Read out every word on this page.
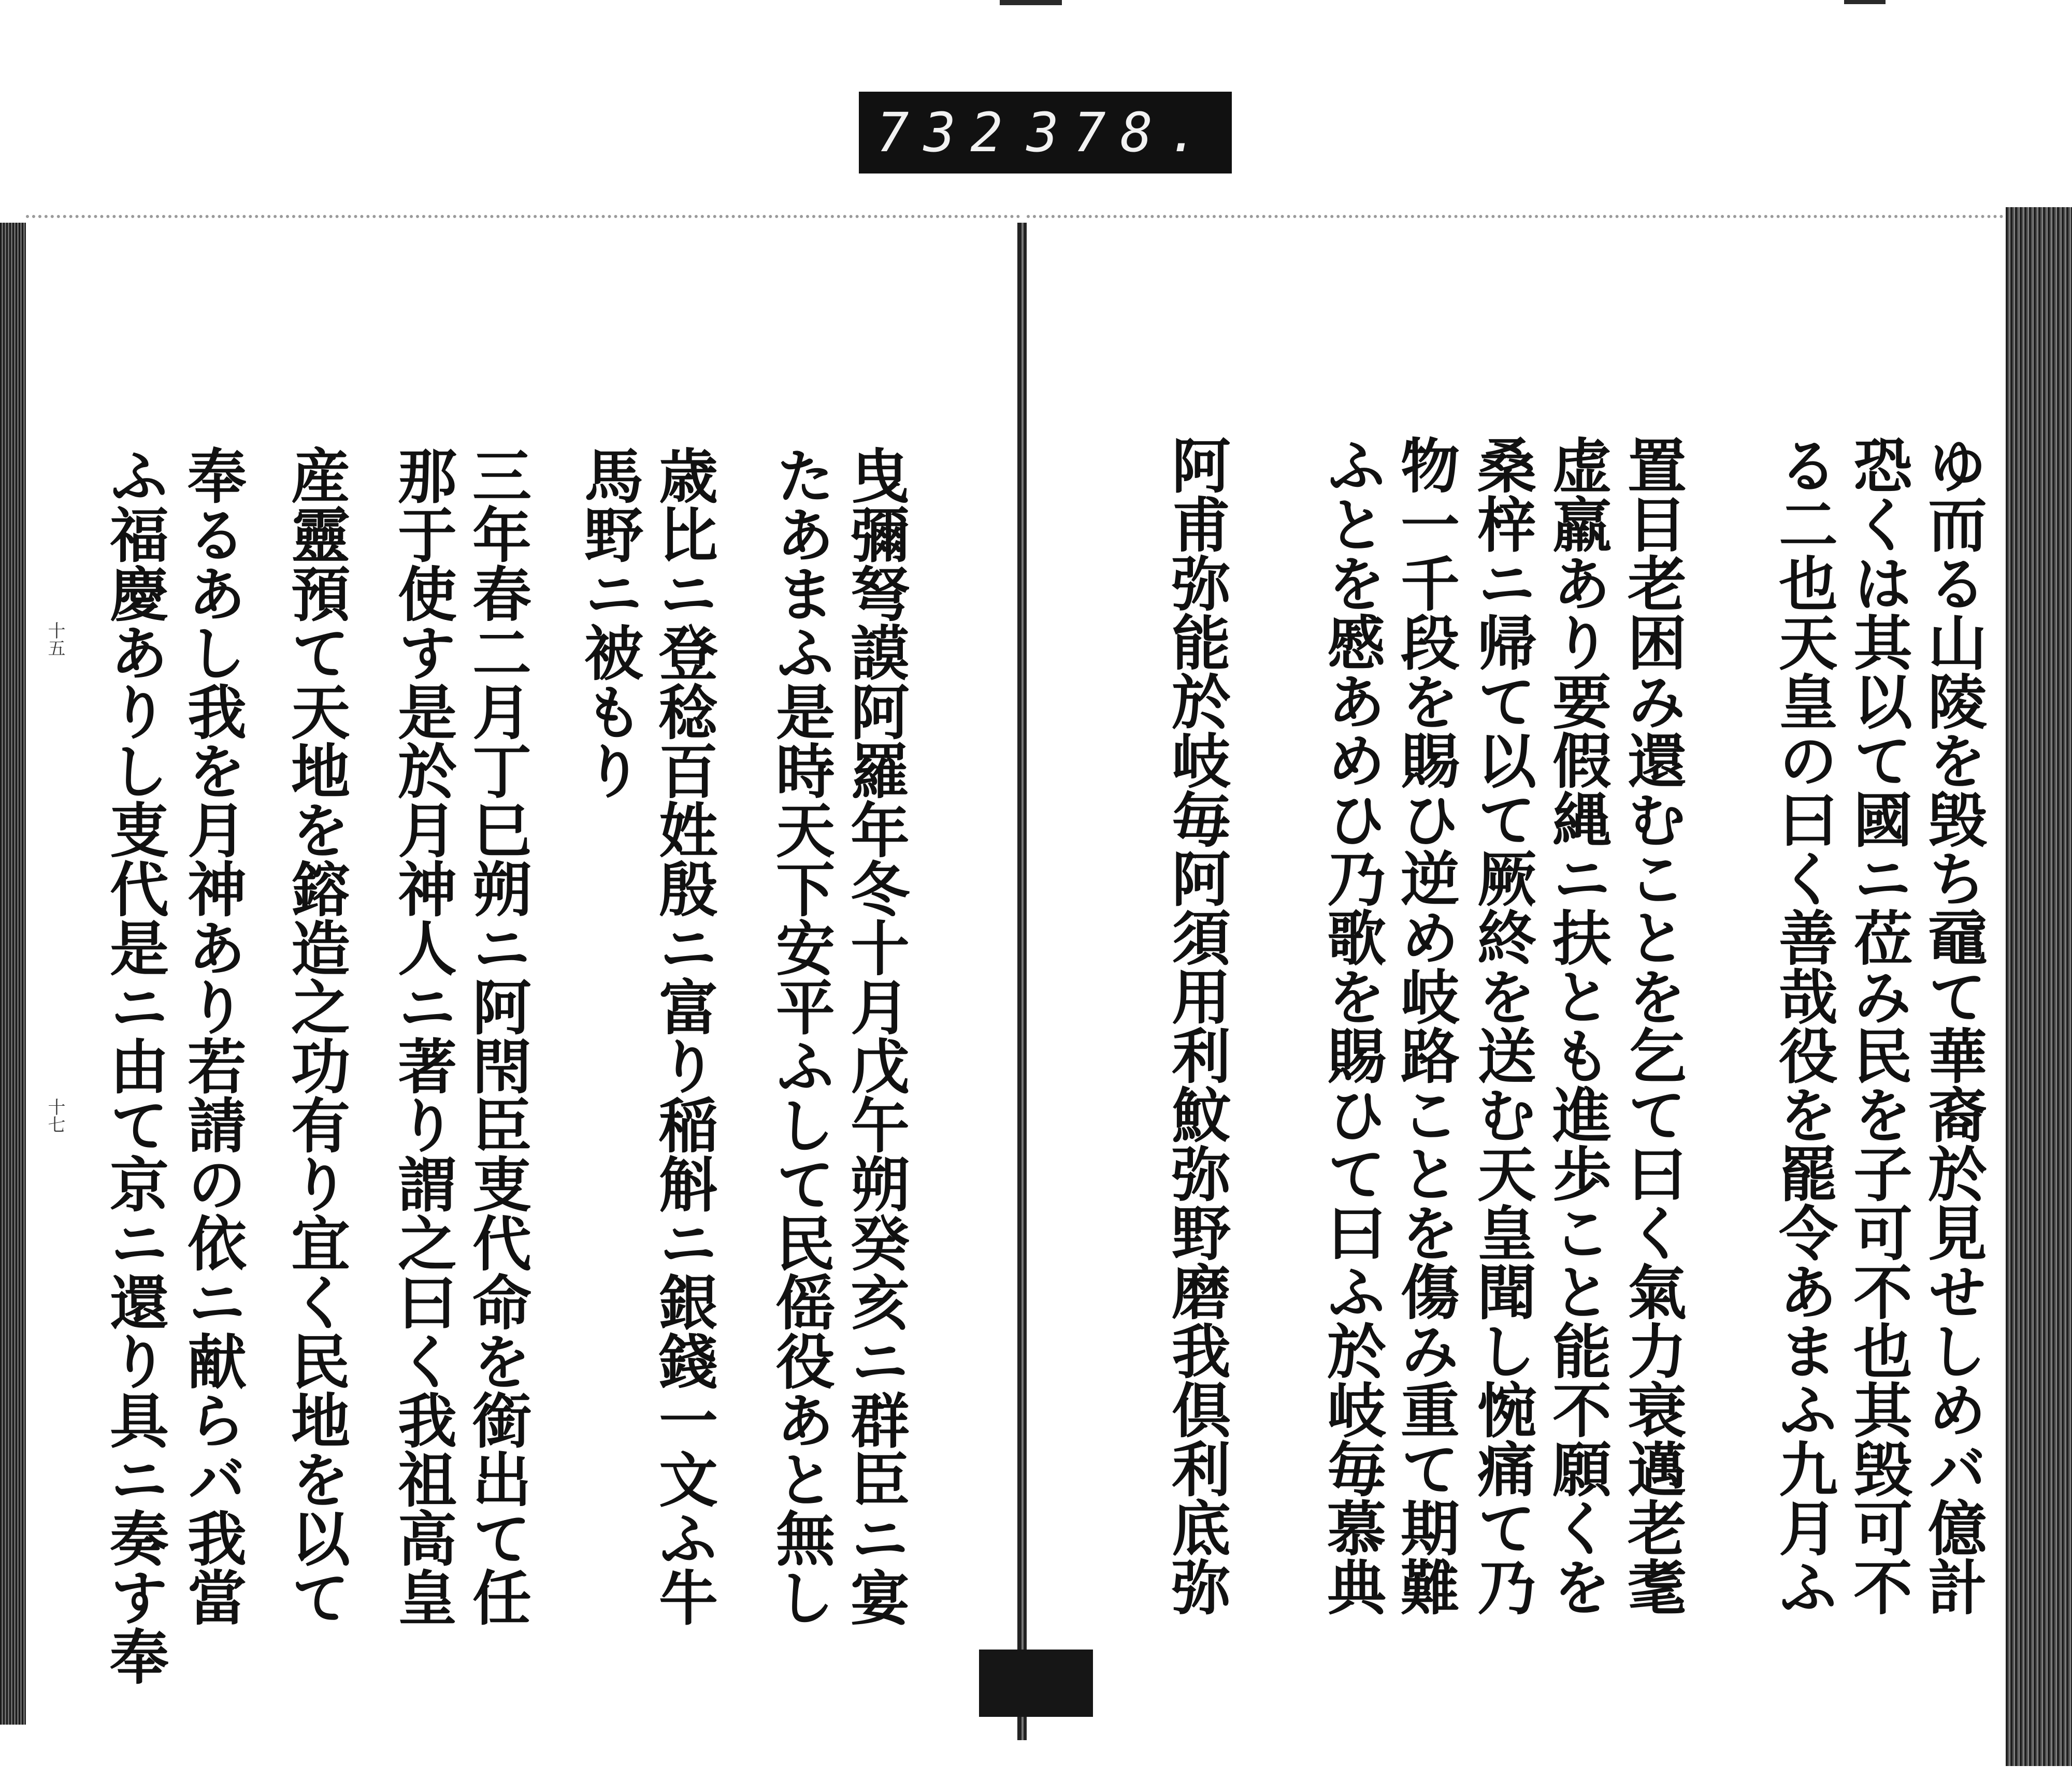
732 378.
ゆ而る山陵を毁ち黿て華裔於見せしめバ億計
恐くは其以て國ニ莅み民を子可不也其毁可不
る二也天皇の曰く善哉役を罷令あまふ九月ふ
置目老困み還むことを乞て曰く氣力衰邁老耄
虚羸あり要假縄ニ扶とも進歩こと能不願くを
桑梓ニ帰て以て厥終を送む天皇聞し惋痛て乃
物一千段を賜ひ逆め岐路ことを傷み重て期難
ふとを慼あめひ乃歌を賜ひて曰ふ於岐毎慕典
阿甫弥能於岐毎阿須用利魰弥野磨我倶利底弥
曳彌弩謨阿羅年冬十月戊午朔癸亥ニ群臣ニ宴
たあまふ是時天下安平ふして民傜役あと無し
歳比ニ登稔百姓殷ニ富り稲斛ニ銀錢一文ふ牛
馬野ニ被もり
三年春二月丁巳朔ニ阿閇臣叓代命を銜出て任
那于使す是於月神人ニ著り謂之曰く我祖高皇
産靈預て天地を鎔造之功有り宜く民地を以て
奉るあし我を月神あり若請の依ニ献らバ我當
ふ福慶ありし叓代是ニ由て京ニ還り具ニ奏す奉
十五
十七
